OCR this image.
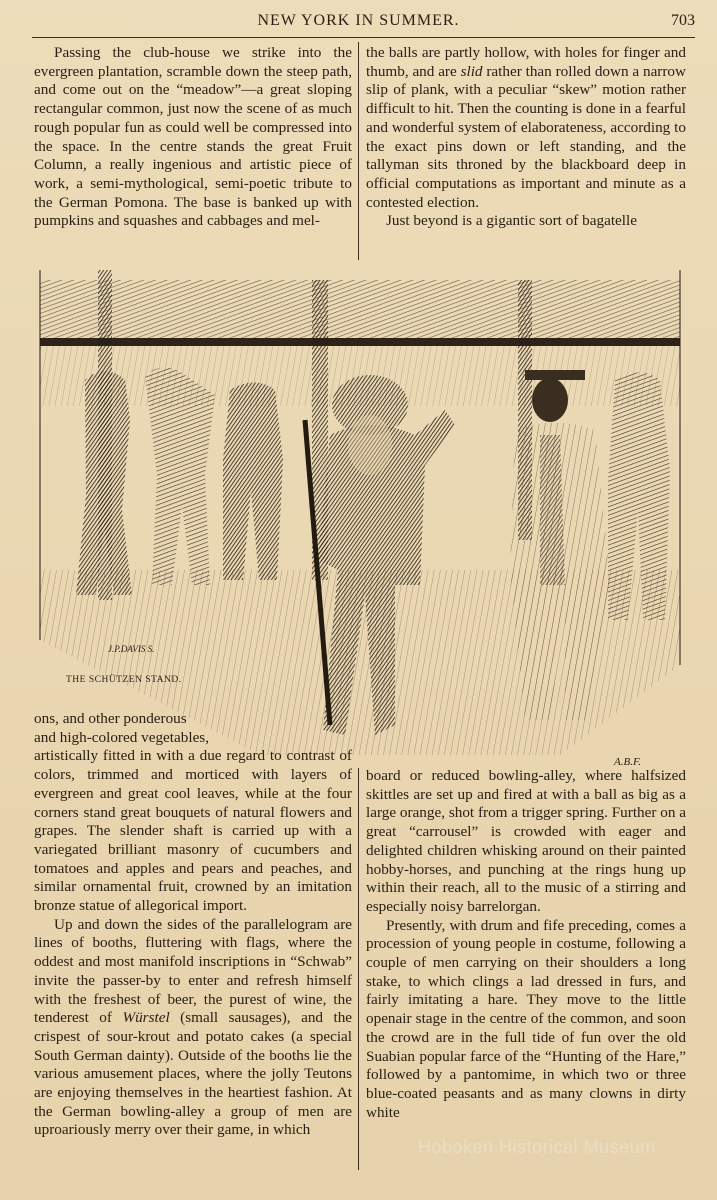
NEW YORK IN SUMMER.	703

Passing the club-house we strike into the evergreen plantation, scramble down the steep path, and come out on the “meadow”—a great sloping rectangular common, just now the scene of as much rough popular fun as could well be compressed into the space. In the centre stands the great Fruit Column, a really ingenious and artistic piece of work, a semi-mythological, semi-poetic tribute to the German Pomona. The base is banked up with pumpkins and squashes and cabbages and mel-

the balls are partly hollow, with holes for finger and thumb, and are slid rather than rolled down a narrow slip of plank, with a peculiar “skew” motion rather difficult to hit. Then the counting is done in a fearful and wonderful system of elaborateness, according to the exact pins down or left standing, and the tallyman sits throned by the blackboard deep in official computations as important and minute as a contested election.

Just beyond is a gigantic sort of bagatelle

J.P.DAVIS S.
THE SCHÜTZEN STAND.
A.B.F.

ons, and other ponderous
and high-colored vegetables,
artistically fitted in with a due regard to contrast of colors, trimmed and morticed with layers of evergreen and great cool leaves, while at the four corners stand great bouquets of natural flowers and grapes. The slender shaft is carried up with a variegated brilliant masonry of cucumbers and tomatoes and apples and pears and peaches, and similar ornamental fruit, crowned by an imitation bronze statue of allegorical import.

Up and down the sides of the parallelogram are lines of booths, fluttering with flags, where the oddest and most manifold inscriptions in “Schwab” invite the passer-by to enter and refresh himself with the freshest of beer, the purest of wine, the tenderest of Würstel (small sausages), and the crispest of sour-krout and potato cakes (a special South German dainty). Outside of the booths lie the various amusement places, where the jolly Teutons are enjoying themselves in the heartiest fashion. At the German bowling-alley a group of men are uproariously merry over their game, in which

board or reduced bowling-alley, where halfsized skittles are set up and fired at with a ball as big as a large orange, shot from a trigger spring. Further on a great “carrousel” is crowded with eager and delighted children whisking around on their painted hobby-horses, and punching at the rings hung up within their reach, all to the music of a stirring and especially noisy barrelorgan.

Presently, with drum and fife preceding, comes a procession of young people in costume, following a couple of men carrying on their shoulders a long stake, to which clings a lad dressed in furs, and fairly imitating a hare. They move to the little openair stage in the centre of the common, and soon the crowd are in the full tide of fun over the old Suabian popular farce of the “Hunting of the Hare,” followed by a pantomime, in which two or three blue-coated peasants and as many clowns in dirty white

Hoboken Historical Museum
